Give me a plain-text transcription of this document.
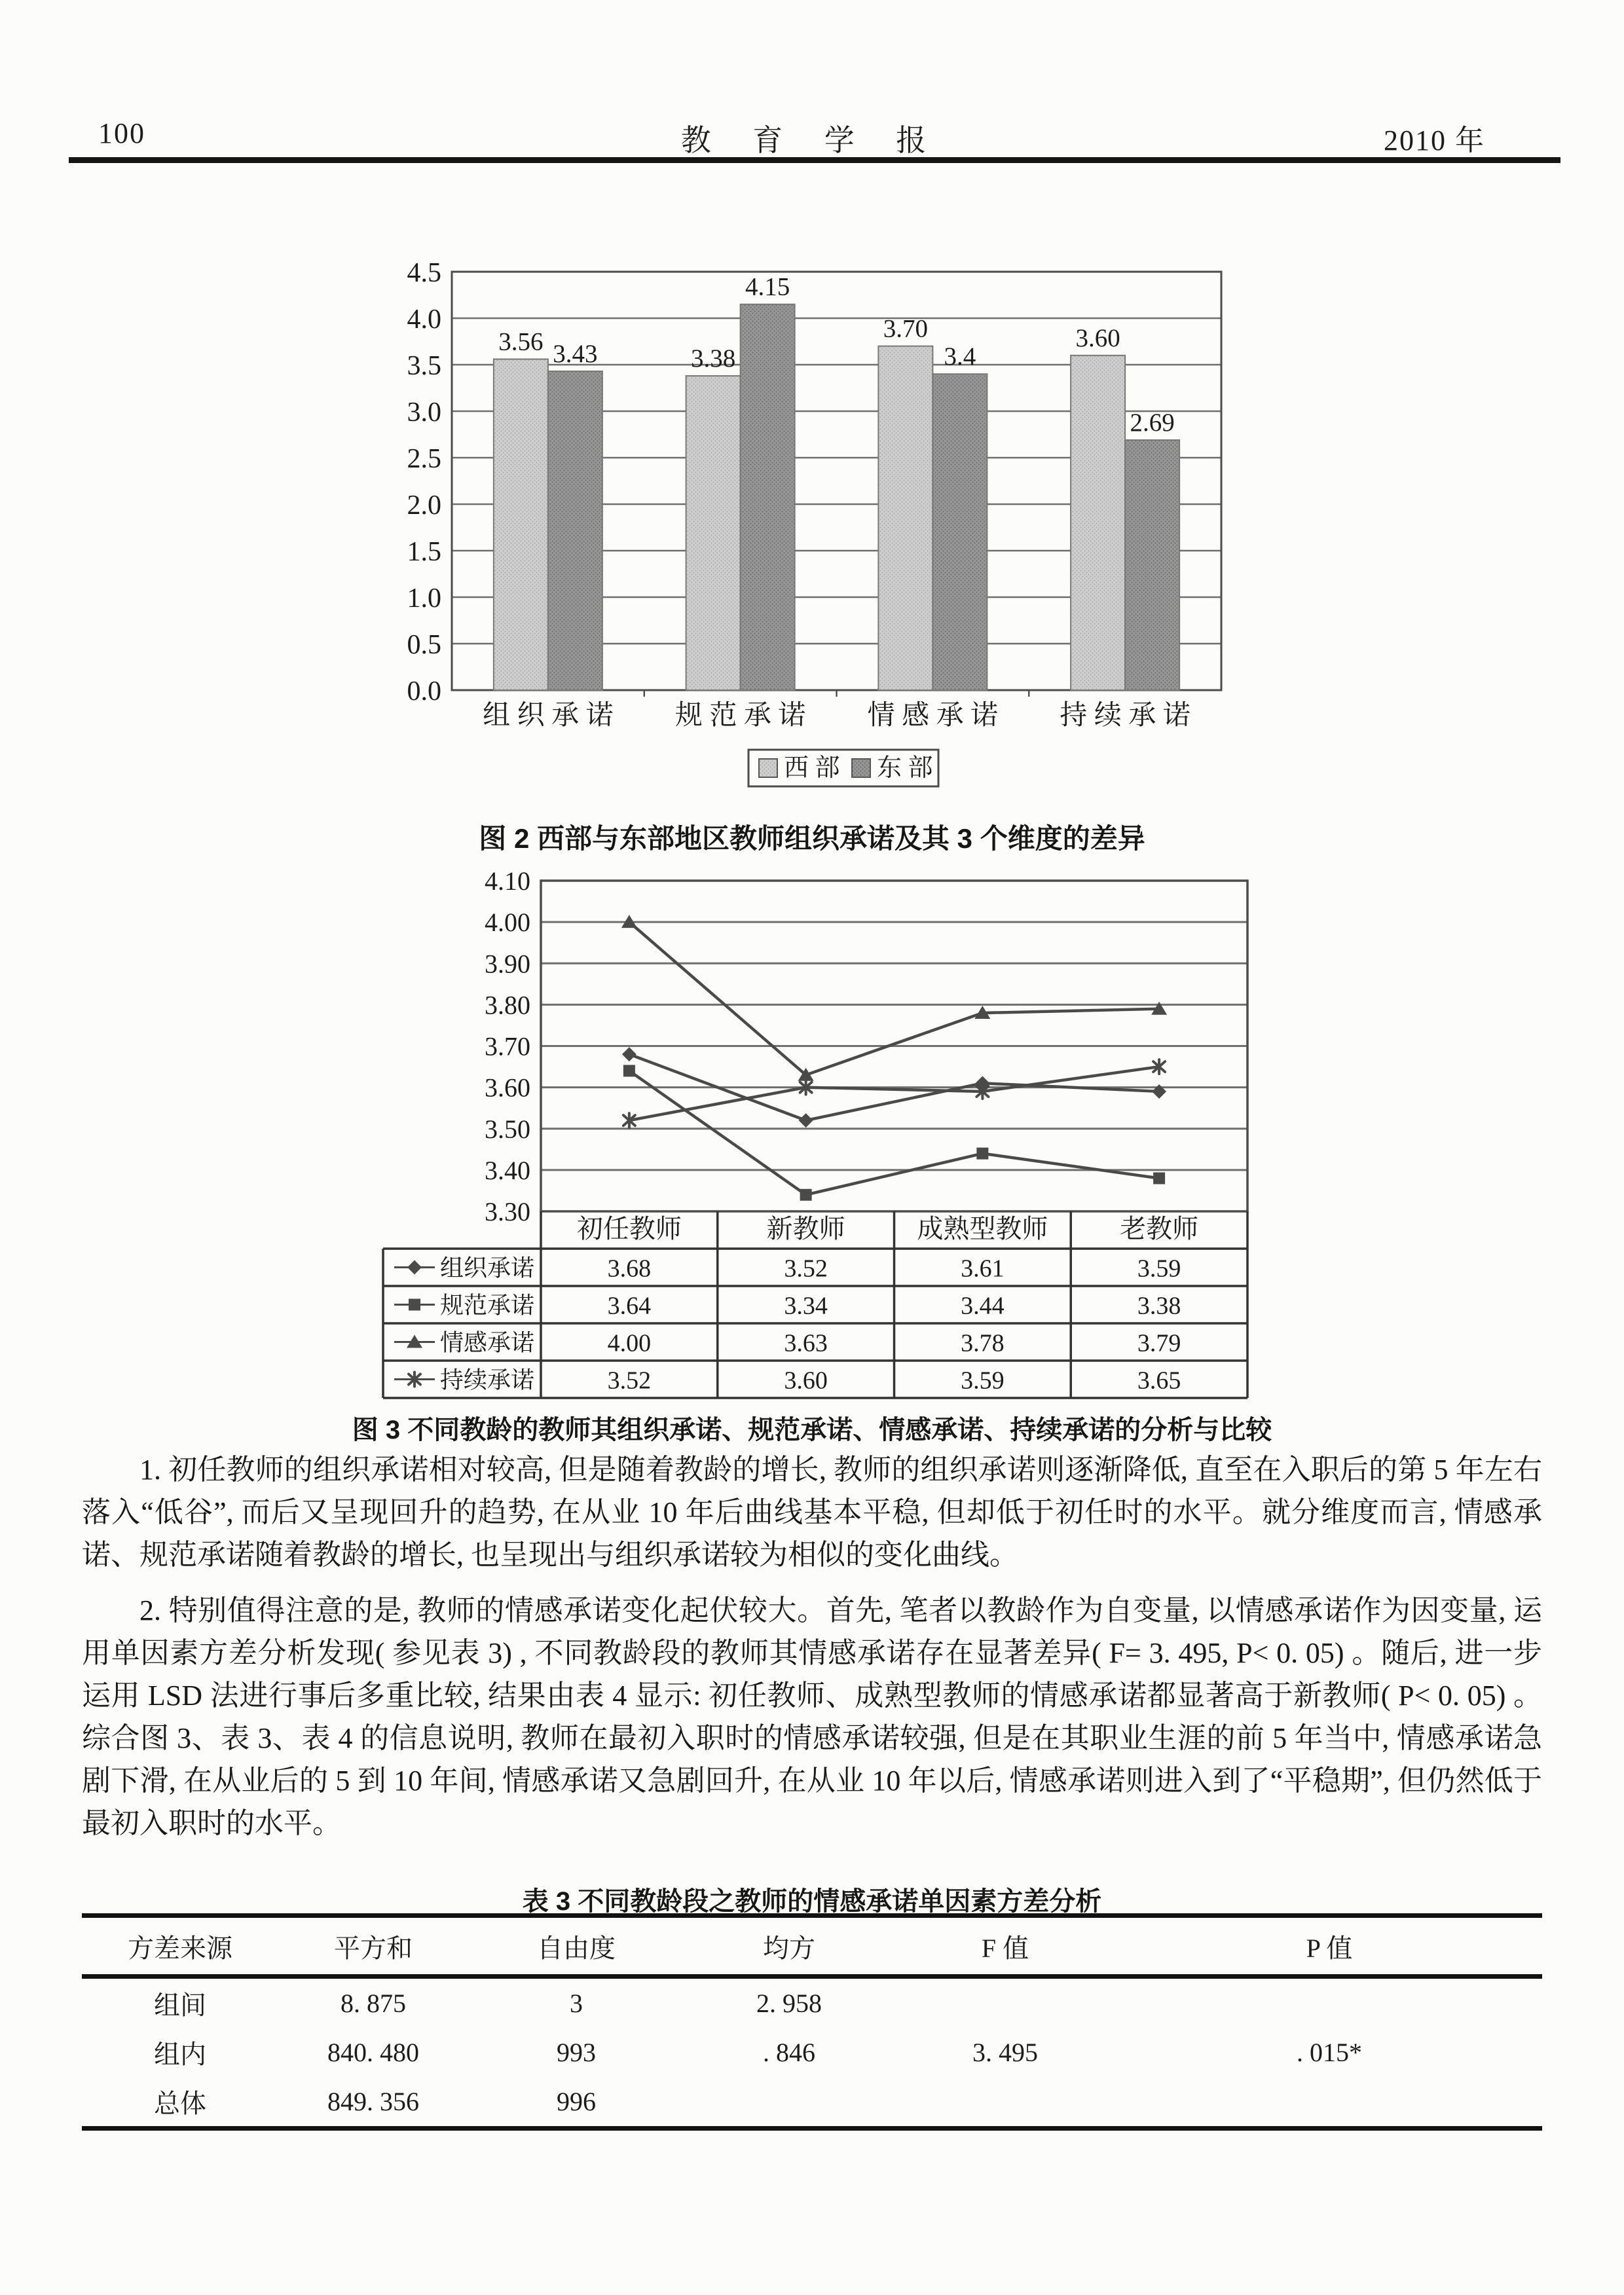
100	教 育 学 报	2010 年
0.0
0.5
1.0
1.5
2.0
2.5
3.0
3.5
4.0
4.5
3.56 3.43
组 织 承 诺
3.38
4.15
规 范 承 诺
3.70
3.4
情 感 承 诺
3.60
2.69
持 续 承 诺
西 部 东 部
图 2 西部与东部地区教师组织承诺及其 3 个维度的差异
3.30
3.40
3.50
3.60
3.70
3.80
3.90
4.00
4.10
初任教师	新教师	成熟型教师	老教师
组织承诺	3.68	3.52	3.61	3.59
规范承诺	3.64	3.34	3.44	3.38
情感承诺	4.00	3.63	3.78	3.79
持续承诺	3.52	3.60	3.59	3.65
图 3 不同教龄的教师其组织承诺、规范承诺、情感承诺、持续承诺的分析与比较

1. 初任教师的组织承诺相对较高, 但是随着教龄的增长, 教师的组织承诺则逐渐降低, 直至在入职后的第 5 年左右落入“低谷”, 而后又呈现回升的趋势, 在从业 10 年后曲线基本平稳, 但却低于初任时的水平。就分维度而言, 情感承诺、规范承诺随着教龄的增长, 也呈现出与组织承诺较为相似的变化曲线。

2. 特别值得注意的是, 教师的情感承诺变化起伏较大。首先, 笔者以教龄作为自变量, 以情感承诺作为因变量, 运用单因素方差分析发现( 参见表 3) , 不同教龄段的教师其情感承诺存在显著差异( F= 3. 495, P< 0. 05) 。随后, 进一步运用 LSD 法进行事后多重比较, 结果由表 4 显示: 初任教师、成熟型教师的情感承诺都显著高于新教师( P< 0. 05) 。综合图 3、表 3、表 4 的信息说明, 教师在最初入职时的情感承诺较强, 但是在其职业生涯的前 5 年当中, 情感承诺急剧下滑, 在从业后的 5 到 10 年间, 情感承诺又急剧回升, 在从业 10 年以后, 情感承诺则进入到了“平稳期”, 但仍然低于最初入职时的水平。

表 3 不同教龄段之教师的情感承诺单因素方差分析
方差来源	平方和	自由度	均方	F 值	P 值
组间	8. 875	3	2. 958
组内	840. 480	993	. 846	3. 495	. 015*
总体	849. 356	996
